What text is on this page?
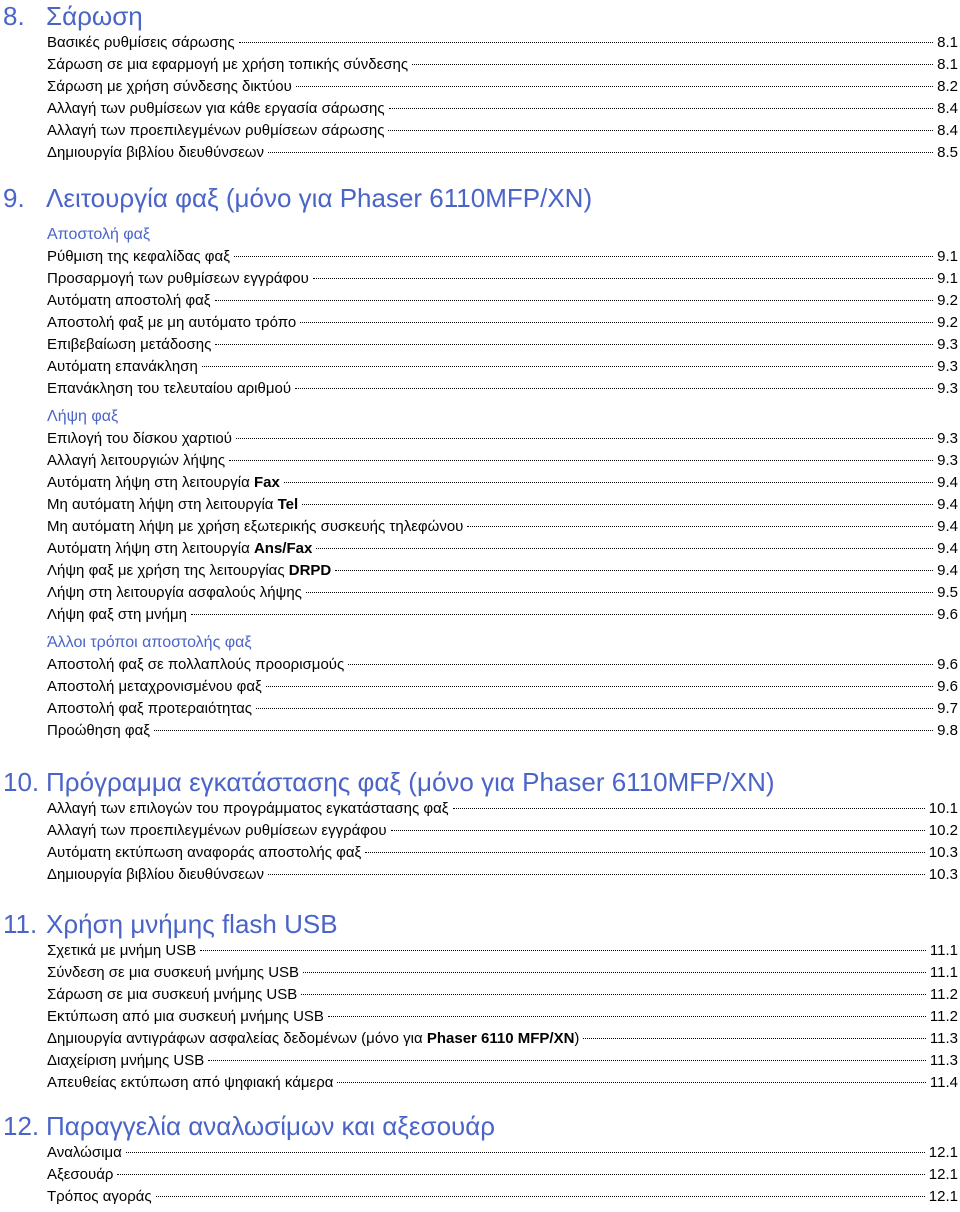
8. Σάρωση
Βασικές ρυθμίσεις σάρωσης	8.1
Σάρωση σε μια εφαρμογή με χρήση τοπικής σύνδεσης	8.1
Σάρωση με χρήση σύνδεσης δικτύου	8.2
Αλλαγή των ρυθμίσεων για κάθε εργασία σάρωσης	8.4
Αλλαγή των προεπιλεγμένων ρυθμίσεων σάρωσης	8.4
Δημιουργία βιβλίου διευθύνσεων	8.5
9. Λειτουργία φαξ (μόνο για Phaser 6110MFP/XN)
Αποστολή φαξ
Ρύθμιση της κεφαλίδας φαξ	9.1
Προσαρμογή των ρυθμίσεων εγγράφου	9.1
Αυτόματη αποστολή φαξ	9.2
Αποστολή φαξ με μη αυτόματο τρόπο	9.2
Επιβεβαίωση μετάδοσης	9.3
Αυτόματη επανάκληση	9.3
Επανάκληση του τελευταίου αριθμού	9.3
Λήψη φαξ
Επιλογή του δίσκου χαρτιού	9.3
Αλλαγή λειτουργιών λήψης	9.3
Αυτόματη λήψη στη λειτουργία Fax	9.4
Μη αυτόματη λήψη στη λειτουργία Tel	9.4
Μη αυτόματη λήψη με χρήση εξωτερικής συσκευής τηλεφώνου	9.4
Αυτόματη λήψη στη λειτουργία Ans/Fax	9.4
Λήψη φαξ με χρήση της λειτουργίας DRPD	9.4
Λήψη στη λειτουργία ασφαλούς λήψης	9.5
Λήψη φαξ στη μνήμη	9.6
Άλλοι τρόποι αποστολής φαξ
Αποστολή φαξ σε πολλαπλούς προορισμούς	9.6
Αποστολή μεταχρονισμένου φαξ	9.6
Αποστολή φαξ προτεραιότητας	9.7
Προώθηση φαξ	9.8
10. Πρόγραμμα εγκατάστασης φαξ (μόνο για Phaser 6110MFP/XN)
Αλλαγή των επιλογών του προγράμματος εγκατάστασης φαξ	10.1
Αλλαγή των προεπιλεγμένων ρυθμίσεων εγγράφου	10.2
Αυτόματη εκτύπωση αναφοράς αποστολής φαξ	10.3
Δημιουργία βιβλίου διευθύνσεων	10.3
11. Χρήση μνήμης flash USB
Σχετικά με μνήμη USB	11.1
Σύνδεση σε μια συσκευή μνήμης USB	11.1
Σάρωση σε μια συσκευή μνήμης USB	11.2
Εκτύπωση από μια συσκευή μνήμης USB	11.2
Δημιουργία αντιγράφων ασφαλείας δεδομένων (μόνο για Phaser 6110 MFP/XN)	11.3
Διαχείριση μνήμης USB	11.3
Απευθείας εκτύπωση από ψηφιακή κάμερα	11.4
12. Παραγγελία αναλωσίμων και αξεσουάρ
Αναλώσιμα	12.1
Αξεσουάρ	12.1
Τρόπος αγοράς	12.1
